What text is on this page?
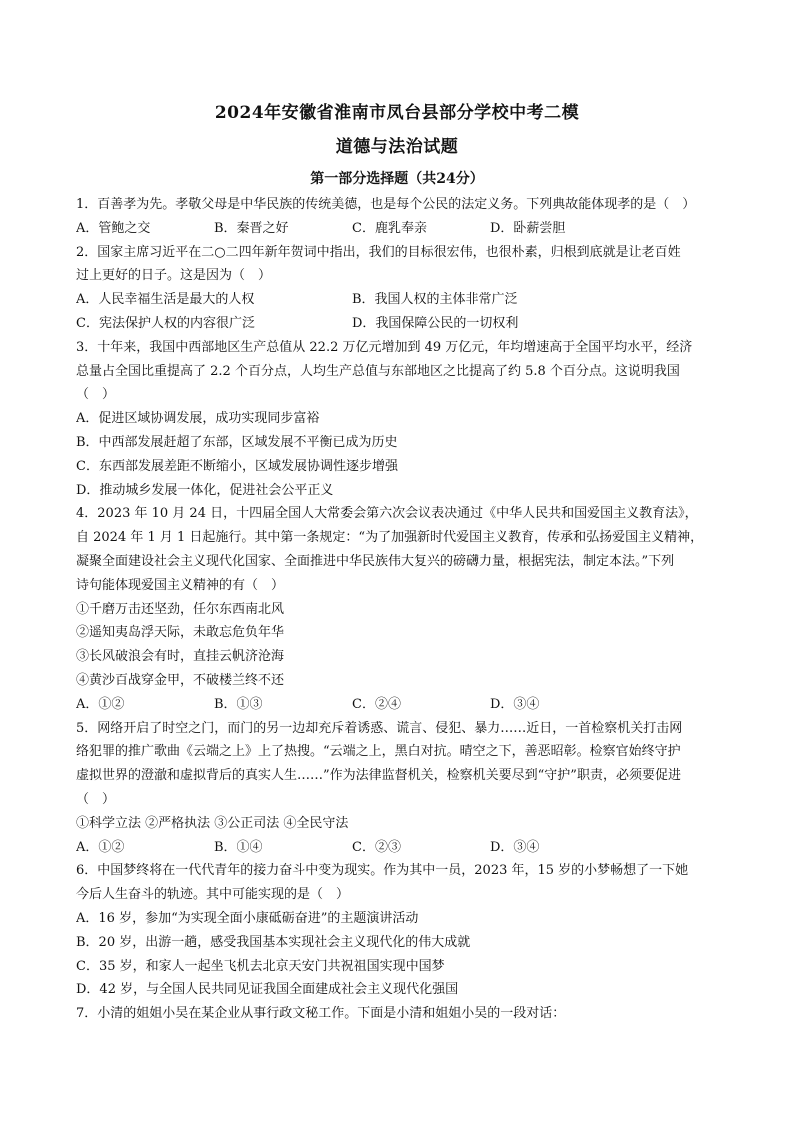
2024年安徽省淮南市凤台县部分学校中考二模
道德与法治试题
第一部分选择题（共24分）
1．百善孝为先。孝敬父母是中华民族的传统美德，也是每个公民的法定义务。下列典故能体现孝的是（　）
A．管鲍之交	B．秦晋之好	C．鹿乳奉亲	D．卧薪尝胆
2．国家主席习近平在二○二四年新年贺词中指出，我们的目标很宏伟，也很朴素，归根到底就是让老百姓
过上更好的日子。这是因为（　）
A．人民幸福生活是最大的人权	B．我国人权的主体非常广泛
C．宪法保护人权的内容很广泛	D．我国保障公民的一切权利
3．十年来，我国中西部地区生产总值从 22.2 万亿元增加到 49 万亿元，年均增速高于全国平均水平，经济
总量占全国比重提高了 2.2 个百分点，人均生产总值与东部地区之比提高了约 5.8 个百分点。这说明我国
（　）
A．促进区域协调发展，成功实现同步富裕
B．中西部发展赶超了东部，区域发展不平衡已成为历史
C．东西部发展差距不断缩小，区域发展协调性逐步增强
D．推动城乡发展一体化，促进社会公平正义
4．2023 年 10 月 24 日，十四届全国人大常委会第六次会议表决通过《中华人民共和国爱国主义教育法》，
自 2024 年 1 月 1 日起施行。其中第一条规定：“为了加强新时代爱国主义教育，传承和弘扬爱国主义精神，
凝聚全面建设社会主义现代化国家、全面推进中华民族伟大复兴的磅礴力量，根据宪法，制定本法。”下列
诗句能体现爱国主义精神的有（　）
①千磨万击还坚劲，任尔东西南北风
②遥知夷岛浮天际，未敢忘危负年华
③长风破浪会有时，直挂云帆济沧海
④黄沙百战穿金甲，不破楼兰终不还
A．①②	B．①③	C．②④	D．③④
5．网络开启了时空之门，而门的另一边却充斥着诱惑、谎言、侵犯、暴力……近日，一首检察机关打击网
络犯罪的推广歌曲《云端之上》上了热搜。“云端之上，黑白对抗。晴空之下，善恶昭彰。检察官始终守护
虚拟世界的澄澈和虚拟背后的真实人生……”作为法律监督机关，检察机关要尽到“守护”职责，必须要促进
（　）
①科学立法 ②严格执法 ③公正司法 ④全民守法
A．①②	B．①④	C．②③	D．③④
6．中国梦终将在一代代青年的接力奋斗中变为现实。作为其中一员，2023 年，15 岁的小梦畅想了一下她
今后人生奋斗的轨迹。其中可能实现的是（　）
A．16 岁，参加“为实现全面小康砥砺奋进”的主题演讲活动
B．20 岁，出游一趟，感受我国基本实现社会主义现代化的伟大成就
C．35 岁，和家人一起坐飞机去北京天安门共祝祖国实现中国梦
D．42 岁，与全国人民共同见证我国全面建成社会主义现代化强国
7．小清的姐姐小吴在某企业从事行政文秘工作。下面是小清和姐姐小吴的一段对话：
